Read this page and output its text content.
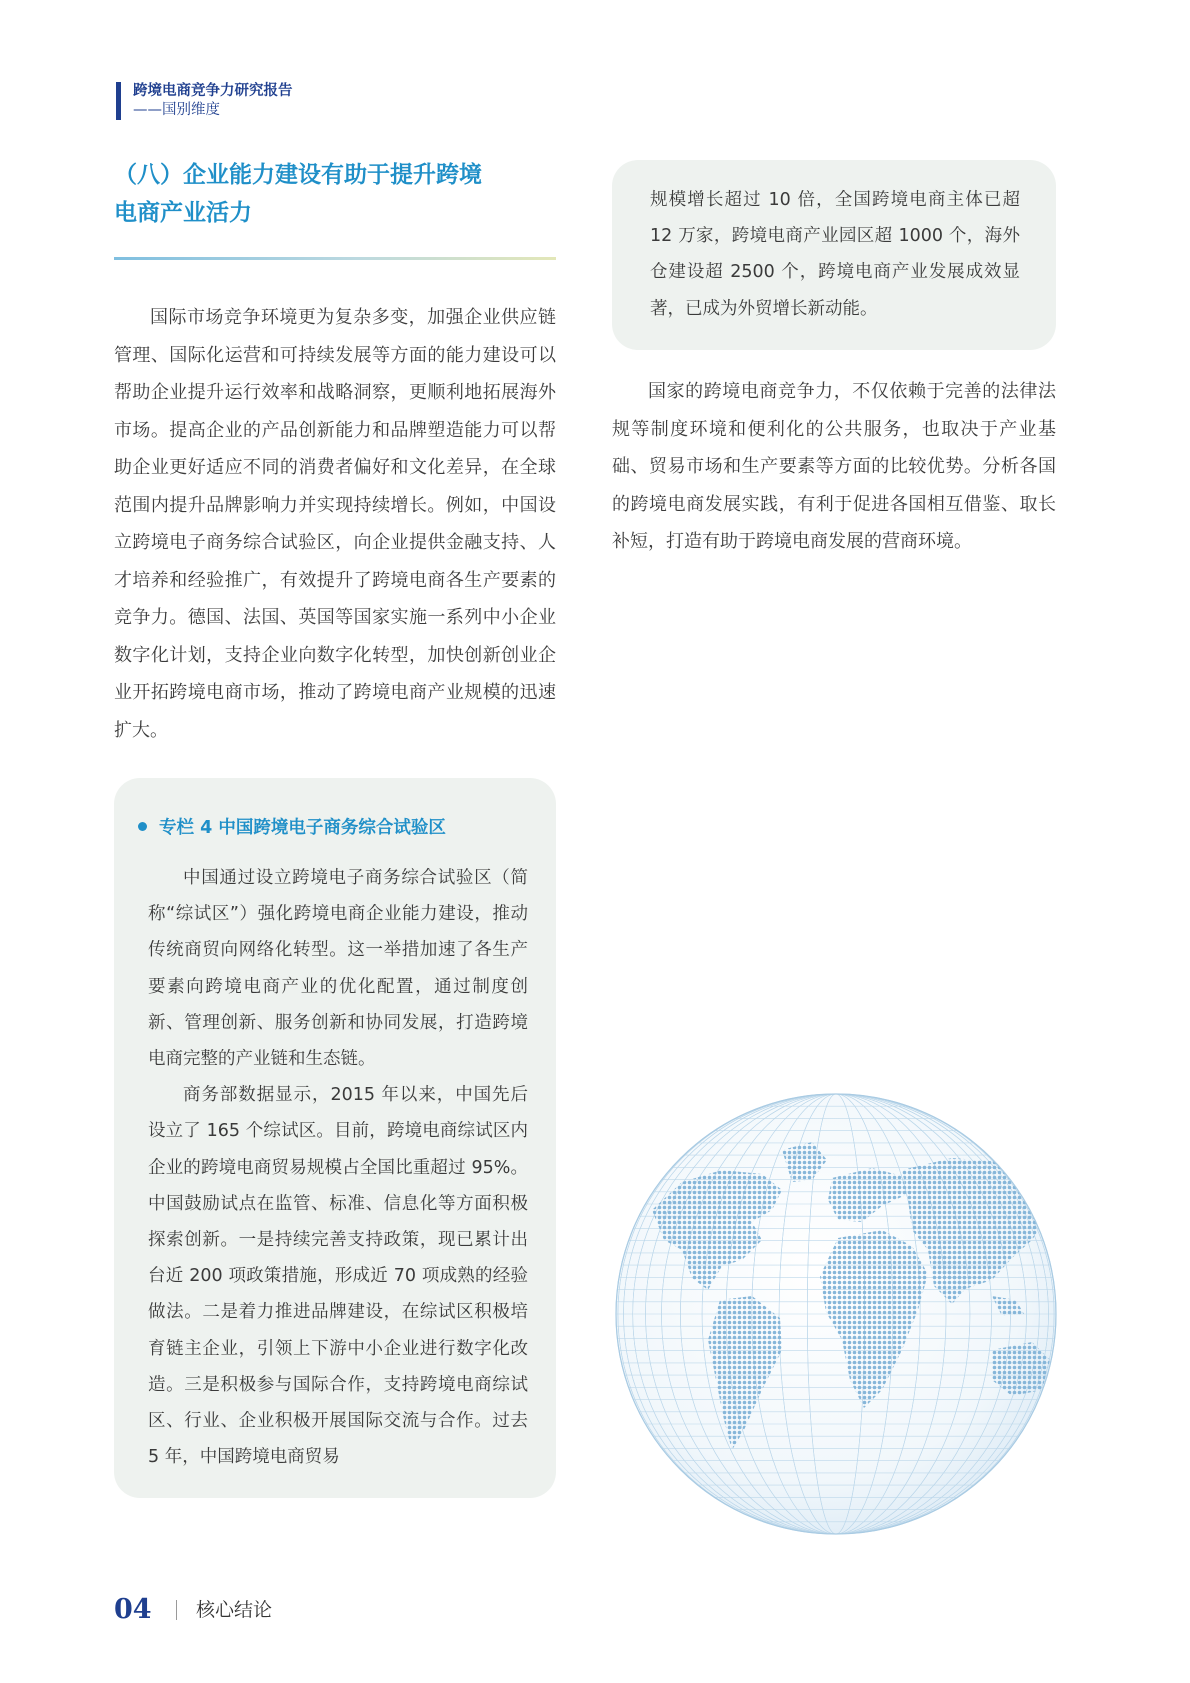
跨境电商竞争力研究报告
——国别维度
（八）企业能力建设有助于提升跨境
电商产业活力

国际市场竞争环境更为复杂多变，加强企业供应链管理、国际化运营和可持续发展等方面的能力建设可以帮助企业提升运行效率和战略洞察，更顺利地拓展海外市场。提高企业的产品创新能力和品牌塑造能力可以帮助企业更好适应不同的消费者偏好和文化差异，在全球范围内提升品牌影响力并实现持续增长。例如，中国设立跨境电子商务综合试验区，向企业提供金融支持、人才培养和经验推广，有效提升了跨境电商各生产要素的竞争力。德国、法国、英国等国家实施一系列中小企业数字化计划，支持企业向数字化转型，加快创新创业企业开拓跨境电商市场，推动了跨境电商产业规模的迅速扩大。

专栏 4 中国跨境电子商务综合试验区

中国通过设立跨境电子商务综合试验区（简称“综试区”）强化跨境电商企业能力建设，推动传统商贸向网络化转型。这一举措加速了各生产要素向跨境电商产业的优化配置，通过制度创新、管理创新、服务创新和协同发展，打造跨境电商完整的产业链和生态链。

商务部数据显示，2015 年以来，中国先后设立了 165 个综试区。目前，跨境电商综试区内企业的跨境电商贸易规模占全国比重超过 95%。中国鼓励试点在监管、标准、信息化等方面积极探索创新。一是持续完善支持政策，现已累计出台近 200 项政策措施，形成近 70 项成熟的经验做法。二是着力推进品牌建设，在综试区积极培育链主企业，引领上下游中小企业进行数字化改造。三是积极参与国际合作，支持跨境电商综试区、行业、企业积极开展国际交流与合作。过去 5 年，中国跨境电商贸易

规模增长超过 10 倍，全国跨境电商主体已超 12 万家，跨境电商产业园区超 1000 个，海外仓建设超 2500 个，跨境电商产业发展成效显著，已成为外贸增长新动能。

国家的跨境电商竞争力，不仅依赖于完善的法律法规等制度环境和便利化的公共服务，也取决于产业基础、贸易市场和生产要素等方面的比较优势。分析各国的跨境电商发展实践，有利于促进各国相互借鉴、取长补短，打造有助于跨境电商发展的营商环境。

04 核心结论
